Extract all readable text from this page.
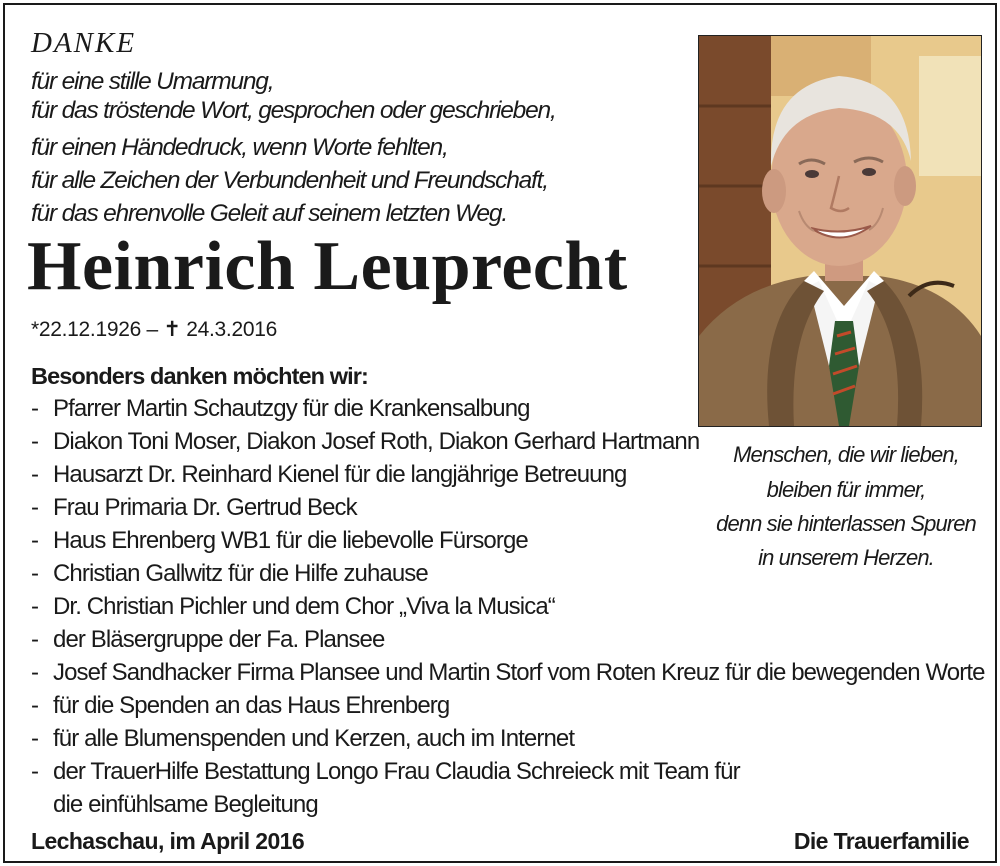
DANKE
für eine stille Umarmung,
für das tröstende Wort, gesprochen oder geschrieben,
für einen Händedruck, wenn Worte fehlten,
für alle Zeichen der Verbundenheit und Freundschaft,
für das ehrenvolle Geleit auf seinem letzten Weg.
Heinrich Leuprecht
*22.12.1926 – ✝ 24.3.2016
Besonders danken möchten wir:
- Pfarrer Martin Schautzgy für die Krankensalbung
- Diakon Toni Moser, Diakon Josef Roth, Diakon Gerhard Hartmann
- Hausarzt Dr. Reinhard Kienel für die langjährige Betreuung
- Frau Primaria Dr. Gertrud Beck
- Haus Ehrenberg WB1 für die liebevolle Fürsorge
- Christian Gallwitz für die Hilfe zuhause
- Dr. Christian Pichler und dem Chor „Viva la Musica“
- der Bläsergruppe der Fa. Plansee
- Josef Sandhacker Firma Plansee und Martin Storf vom Roten Kreuz für die bewegenden Worte
- für die Spenden an das Haus Ehrenberg
- für alle Blumenspenden und Kerzen, auch im Internet
- der TrauerHilfe Bestattung Longo Frau Claudia Schreieck mit Team für
die einfühlsame Begleitung
Lechaschau, im April 2016	Die Trauerfamilie
Menschen, die wir lieben,
bleiben für immer,
denn sie hinterlassen Spuren
in unserem Herzen.
